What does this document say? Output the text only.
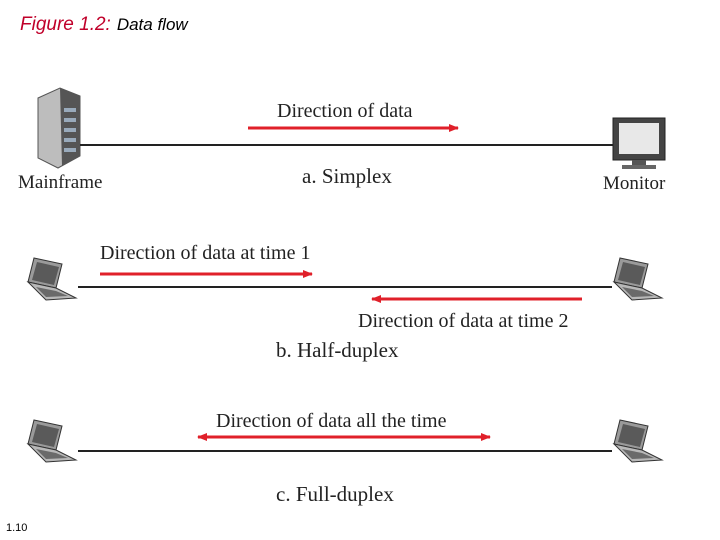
Figure 1.2: Data flow
Direction of data
Mainframe	a. Simplex	Monitor
Direction of data at time 1
Direction of data at time 2
b. Half-duplex
Direction of data all the time
c. Full-duplex
1.10
